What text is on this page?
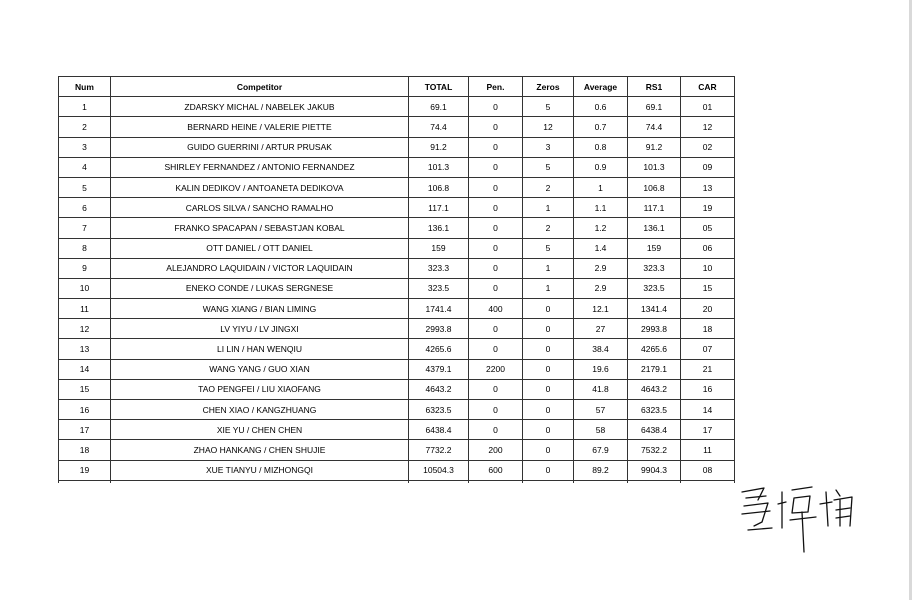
Num	Competitor	TOTAL	Pen.	Zeros	Average	RS1	CAR
1	ZDARSKY MICHAL / NABELEK JAKUB	69.1	0	5	0.6	69.1	01
2	BERNARD HEINE / VALERIE PIETTE	74.4	0	12	0.7	74.4	12
3	GUIDO GUERRINI / ARTUR PRUSAK	91.2	0	3	0.8	91.2	02
4	SHIRLEY FERNANDEZ / ANTONIO FERNANDEZ	101.3	0	5	0.9	101.3	09
5	KALIN DEDIKOV / ANTOANETA DEDIKOVA	106.8	0	2	1	106.8	13
6	CARLOS SILVA / SANCHO RAMALHO	117.1	0	1	1.1	117.1	19
7	FRANKO SPACAPAN / SEBASTJAN KOBAL	136.1	0	2	1.2	136.1	05
8	OTT DANIEL / OTT DANIEL	159	0	5	1.4	159	06
9	ALEJANDRO LAQUIDAIN / VICTOR LAQUIDAIN	323.3	0	1	2.9	323.3	10
10	ENEKO CONDE / LUKAS SERGNESE	323.5	0	1	2.9	323.5	15
11	WANG XIANG / BIAN LIMING	1741.4	400	0	12.1	1341.4	20
12	LV YIYU / LV JINGXI	2993.8	0	0	27	2993.8	18
13	LI LIN / HAN WENQIU	4265.6	0	0	38.4	4265.6	07
14	WANG YANG / GUO XIAN	4379.1	2200	0	19.6	2179.1	21
15	TAO PENGFEI / LIU XIAOFANG	4643.2	0	0	41.8	4643.2	16
16	CHEN XIAO / KANGZHUANG	6323.5	0	0	57	6323.5	14
17	XIE YU / CHEN CHEN	6438.4	0	0	58	6438.4	17
18	ZHAO HANKANG / CHEN SHUJIE	7732.2	200	0	67.9	7532.2	11
19	XUE TIANYU / MIZHONGQI	10504.3	600	0	89.2	9904.3	08
